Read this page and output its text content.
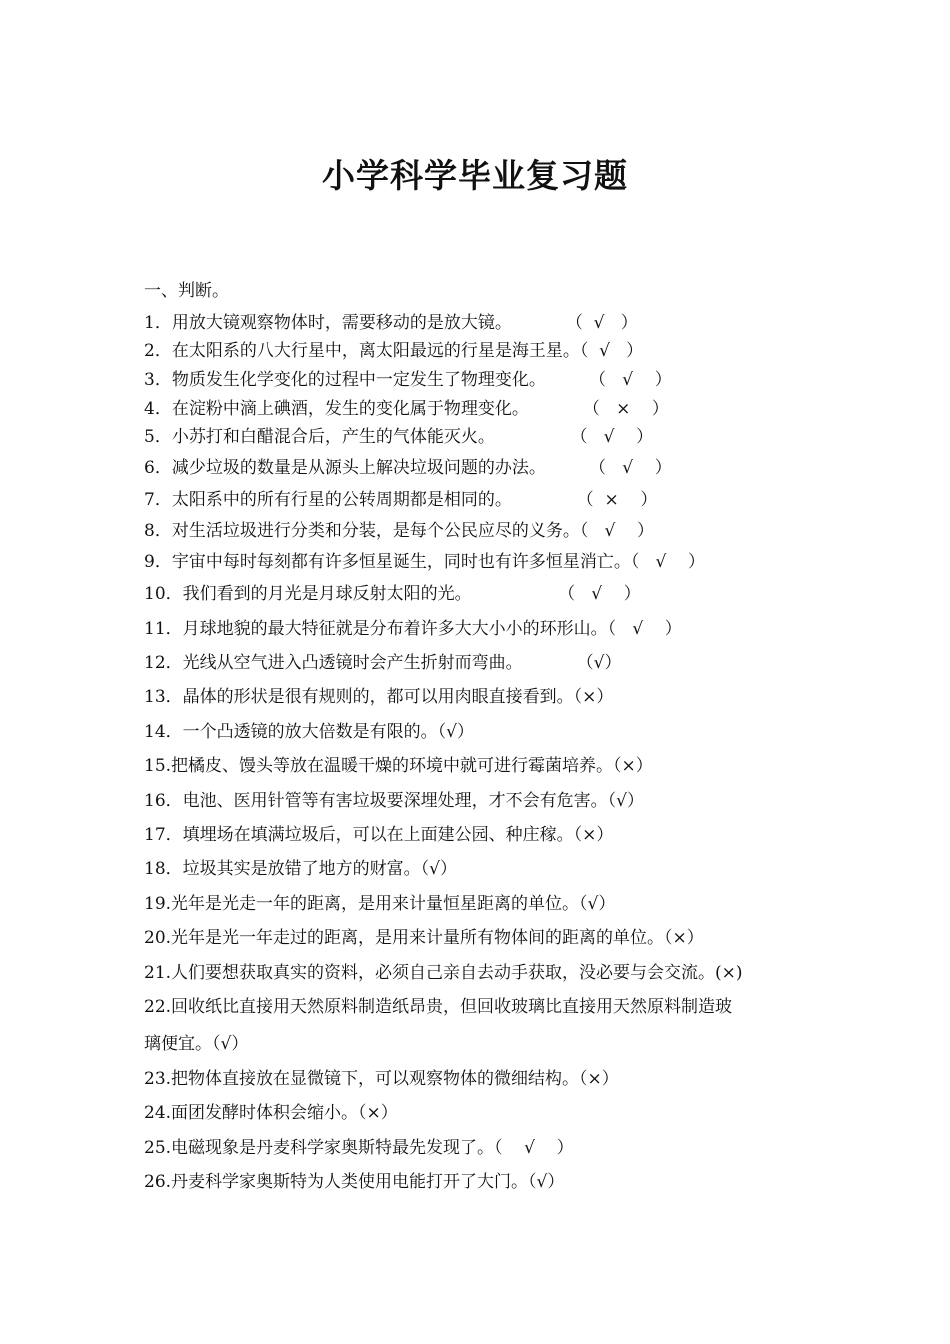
小学科学毕业复习题
一、判断。
1．用放大镜观察物体时，需要移动的是放大镜。          （  √   ）
2．在太阳系的八大行星中，离太阳最远的行星是海王星。（  √   ）
3．物质发生化学变化的过程中一定发生了物理变化。        （   √    ）
4．在淀粉中滴上碘酒，发生的变化属于物理变化。          （   ×    ）
5．小苏打和白醋混合后，产生的气体能灭火。              （   √    ）
6．减少垃圾的数量是从源头上解决垃圾问题的办法。        （   √    ）
7．太阳系中的所有行星的公转周期都是相同的。            （  ×    ）
8．对生活垃圾进行分类和分装，是每个公民应尽的义务。（   √    ）
9．宇宙中每时每刻都有许多恒星诞生，同时也有许多恒星消亡。（   √    ）
10．我们看到的月光是月球反射太阳的光。                （   √    ）
11．月球地貌的最大特征就是分布着许多大大小小的环形山。（   √    ）
12．光线从空气进入凸透镜时会产生折射而弯曲。          （√）
13．晶体的形状是很有规则的，都可以用肉眼直接看到。（×）
14．一个凸透镜的放大倍数是有限的。（√）
15.把橘皮、馒头等放在温暖干燥的环境中就可进行霉菌培养。（×）
16．电池、医用针管等有害垃圾要深埋处理，才不会有危害。（√）
17．填埋场在填满垃圾后，可以在上面建公园、种庄稼。（×）
18．垃圾其实是放错了地方的财富。（√）
19.光年是光走一年的距离，是用来计量恒星距离的单位。（√）
20.光年是光一年走过的距离，是用来计量所有物体间的距离的单位。（×）
21.人们要想获取真实的资料，必须自己亲自去动手获取，没必要与会交流。(×)
22.回收纸比直接用天然原料制造纸昂贵，但回收玻璃比直接用天然原料制造玻
璃便宜。（√）
23.把物体直接放在显微镜下，可以观察物体的微细结构。（×）
24.面团发酵时体积会缩小。（×）
25.电磁现象是丹麦科学家奥斯特最先发现了。（    √    ）
26.丹麦科学家奥斯特为人类使用电能打开了大门。（√）
